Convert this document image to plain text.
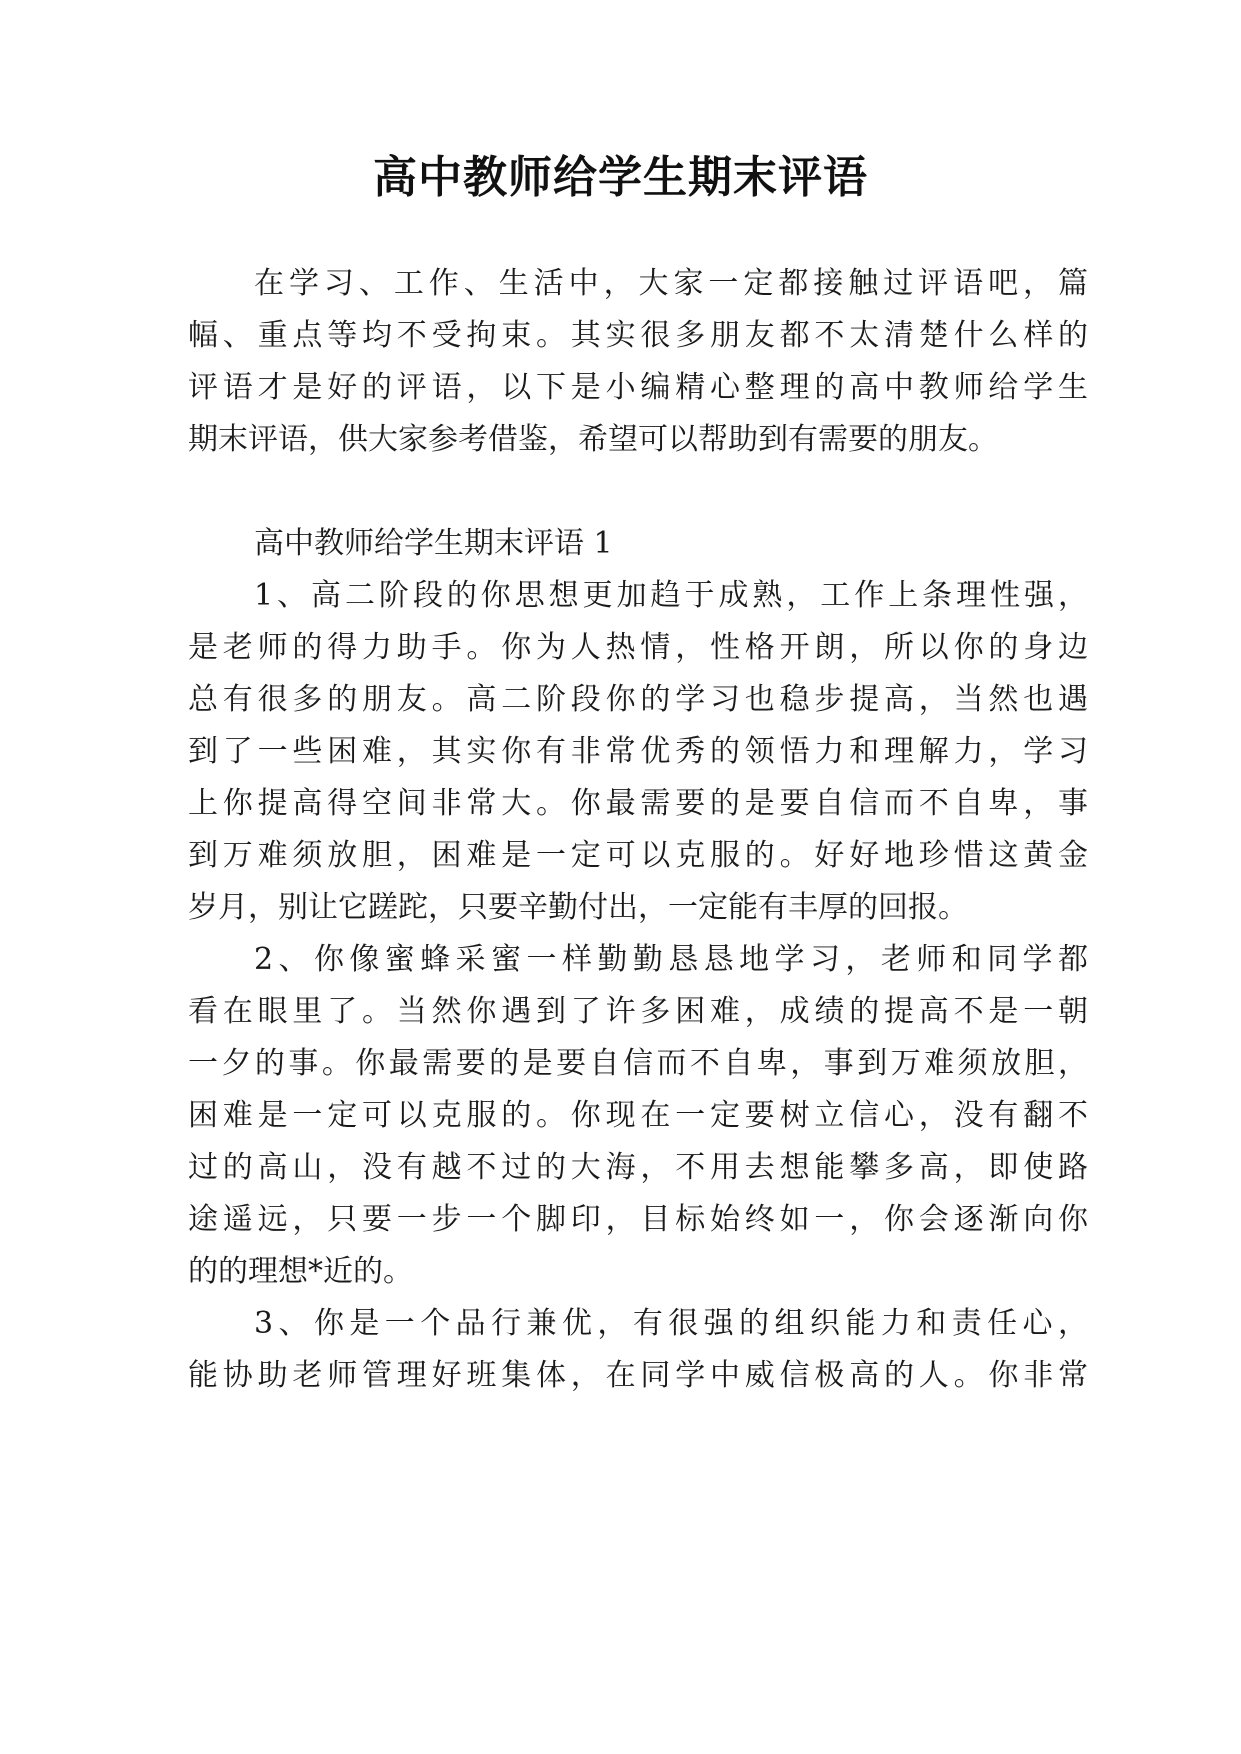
高中教师给学生期末评语
在学习、工作、生活中，大家一定都接触过评语吧，篇
幅、重点等均不受拘束。其实很多朋友都不太清楚什么样的
评语才是好的评语，以下是小编精心整理的高中教师给学生
期末评语，供大家参考借鉴，希望可以帮助到有需要的朋友。
高中教师给学生期末评语 1
1、高二阶段的你思想更加趋于成熟，工作上条理性强，
是老师的得力助手。你为人热情，性格开朗，所以你的身边
总有很多的朋友。高二阶段你的学习也稳步提高，当然也遇
到了一些困难，其实你有非常优秀的领悟力和理解力，学习
上你提高得空间非常大。你最需要的是要自信而不自卑，事
到万难须放胆，困难是一定可以克服的。好好地珍惜这黄金
岁月，别让它蹉跎，只要辛勤付出，一定能有丰厚的回报。
2、你像蜜蜂采蜜一样勤勤恳恳地学习，老师和同学都
看在眼里了。当然你遇到了许多困难，成绩的提高不是一朝
一夕的事。你最需要的是要自信而不自卑，事到万难须放胆，
困难是一定可以克服的。你现在一定要树立信心，没有翻不
过的高山，没有越不过的大海，不用去想能攀多高，即使路
途遥远，只要一步一个脚印，目标始终如一，你会逐渐向你
的的理想*近的。
3、你是一个品行兼优，有很强的组织能力和责任心，
能协助老师管理好班集体，在同学中威信极高的人。你非常
